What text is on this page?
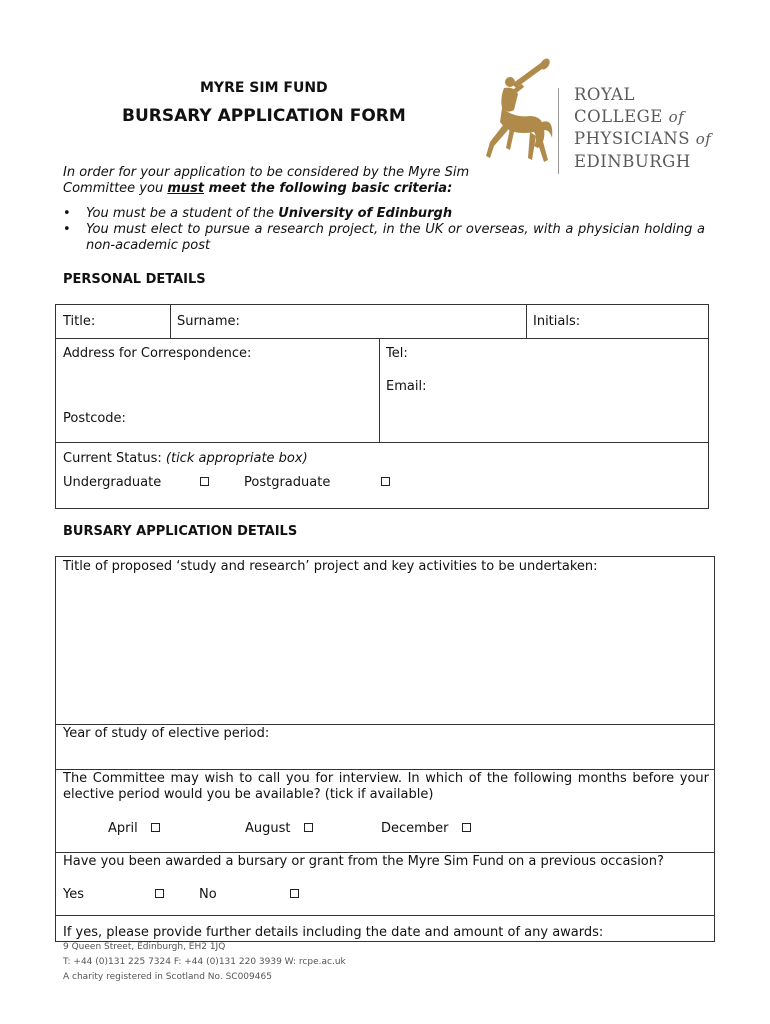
MYRE SIM FUND
BURSARY APPLICATION FORM
ROYAL
COLLEGE of
PHYSICIANS of
EDINBURGH
In order for your application to be considered by the Myre Sim Committee you must meet the following basic criteria:
• You must be a student of the University of Edinburgh
• You must elect to pursue a research project, in the UK or overseas, with a physician holding a non-academic post
PERSONAL DETAILS
Title:	Surname:	Initials:
Address for Correspondence:	Tel:
Email:
Postcode:
Current Status: (tick appropriate box)
Undergraduate	Postgraduate
BURSARY APPLICATION DETAILS
Title of proposed ‘study and research’ project and key activities to be undertaken:
Year of study of elective period:
The Committee may wish to call you for interview. In which of the following months before your elective period would you be available? (tick if available)
April	August	December
Have you been awarded a bursary or grant from the Myre Sim Fund on a previous occasion?
Yes	No
If yes, please provide further details including the date and amount of any awards:
9 Queen Street, Edinburgh, EH2 1JQ
T: +44 (0)131 225 7324 F: +44 (0)131 220 3939 W: rcpe.ac.uk
A charity registered in Scotland No. SC009465
